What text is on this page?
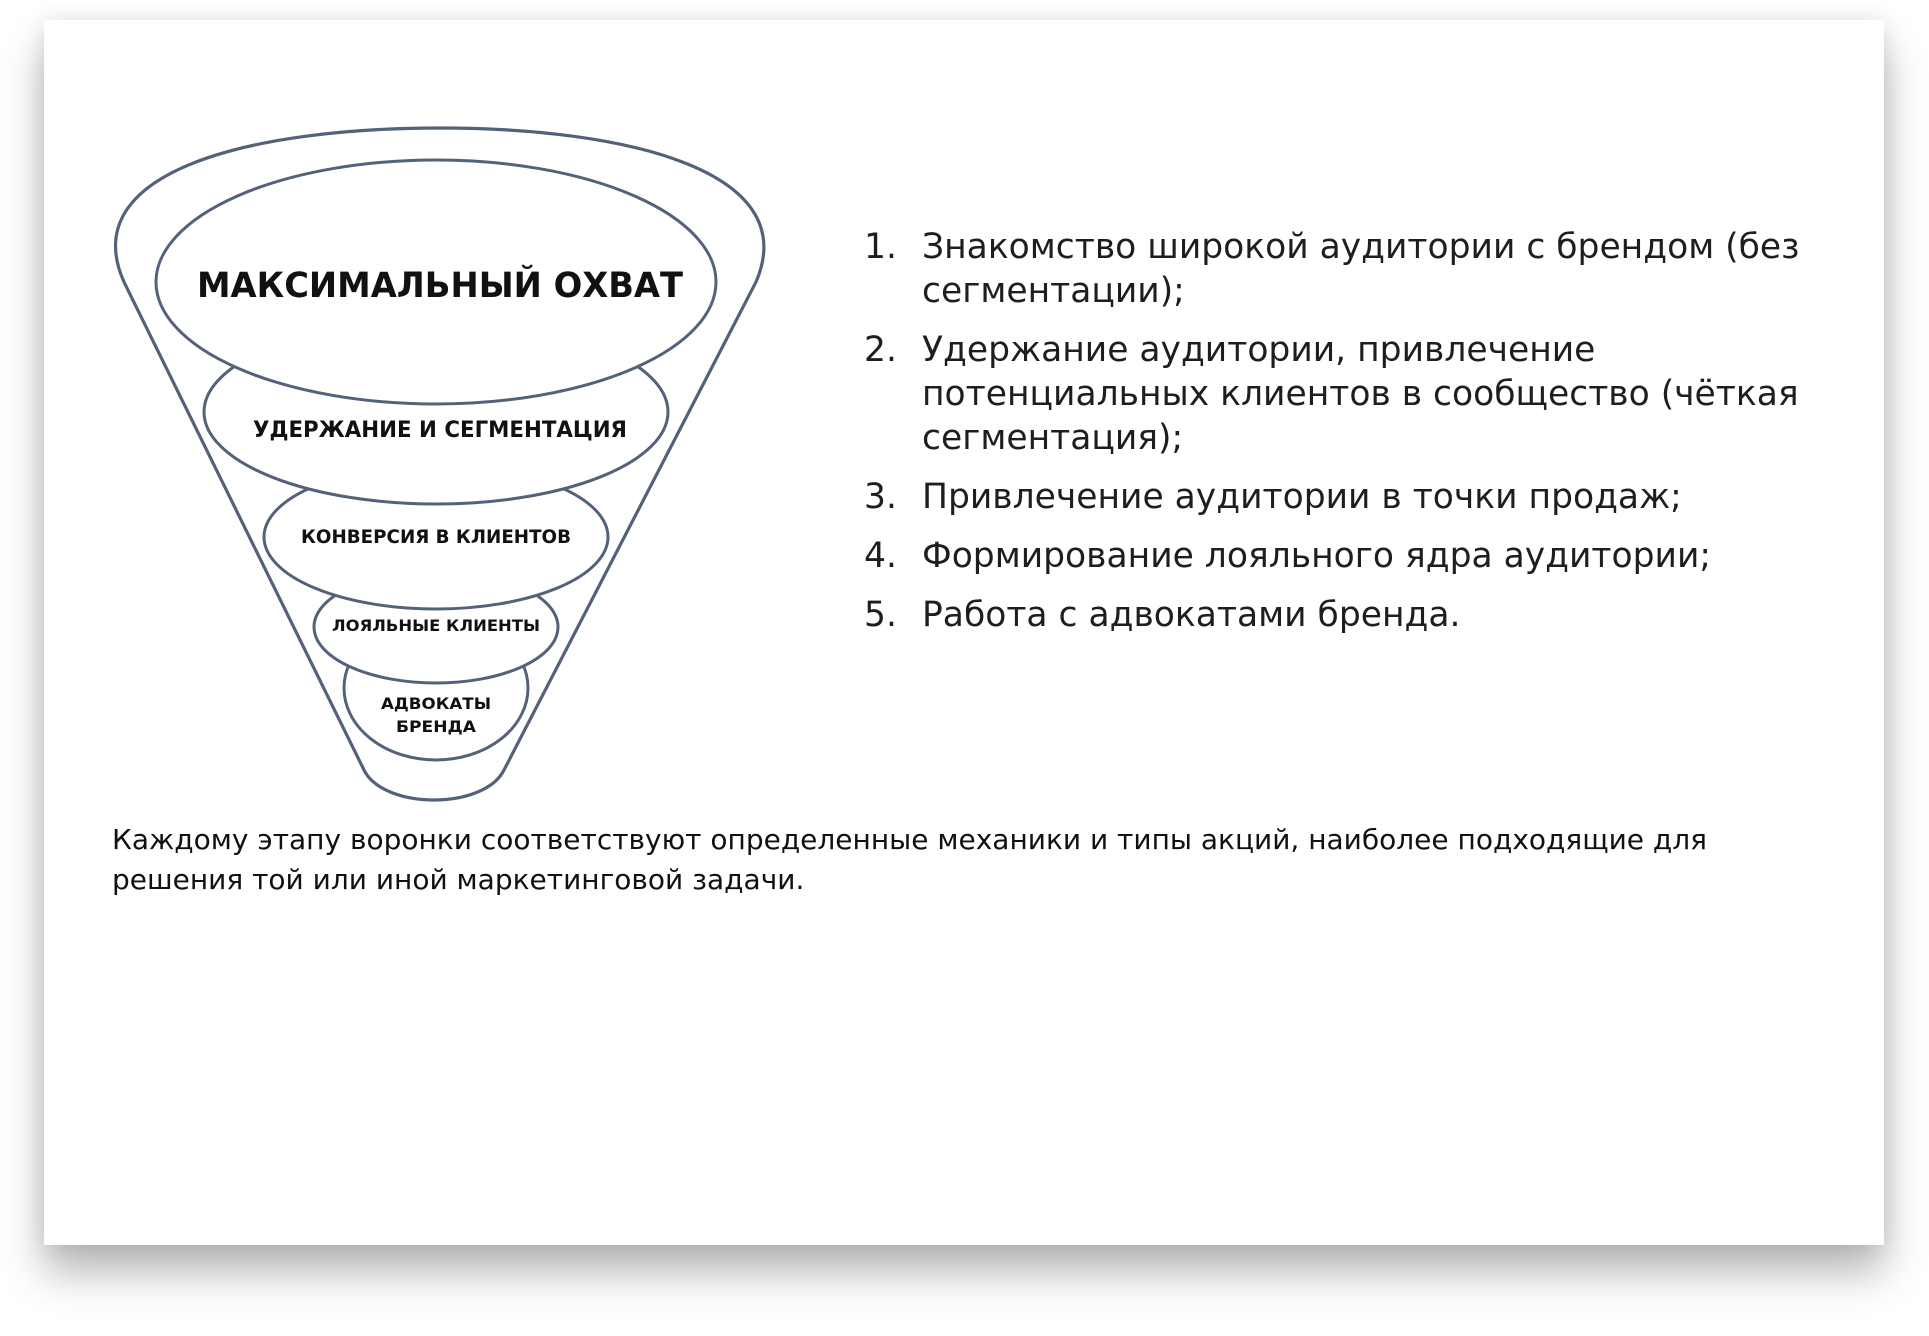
МАКСИМАЛЬНЫЙ ОХВАТ
УДЕРЖАНИЕ И СЕГМЕНТАЦИЯ
КОНВЕРСИЯ В КЛИЕНТОВ
ЛОЯЛЬНЫЕ КЛИЕНТЫ
АДВОКАТЫ
БРЕНДА
1. Знакомство широкой аудитории с брендом (без сегментации);
2. Удержание аудитории, привлечение потенциальных клиентов в сообщество (чёткая сегментация);
3. Привлечение аудитории в точки продаж;
4. Формирование лояльного ядра аудитории;
5. Работа с адвокатами бренда.

Каждому этапу воронки соответствуют определенные механики и типы акций, наиболее подходящие для решения той или иной маркетинговой задачи.
